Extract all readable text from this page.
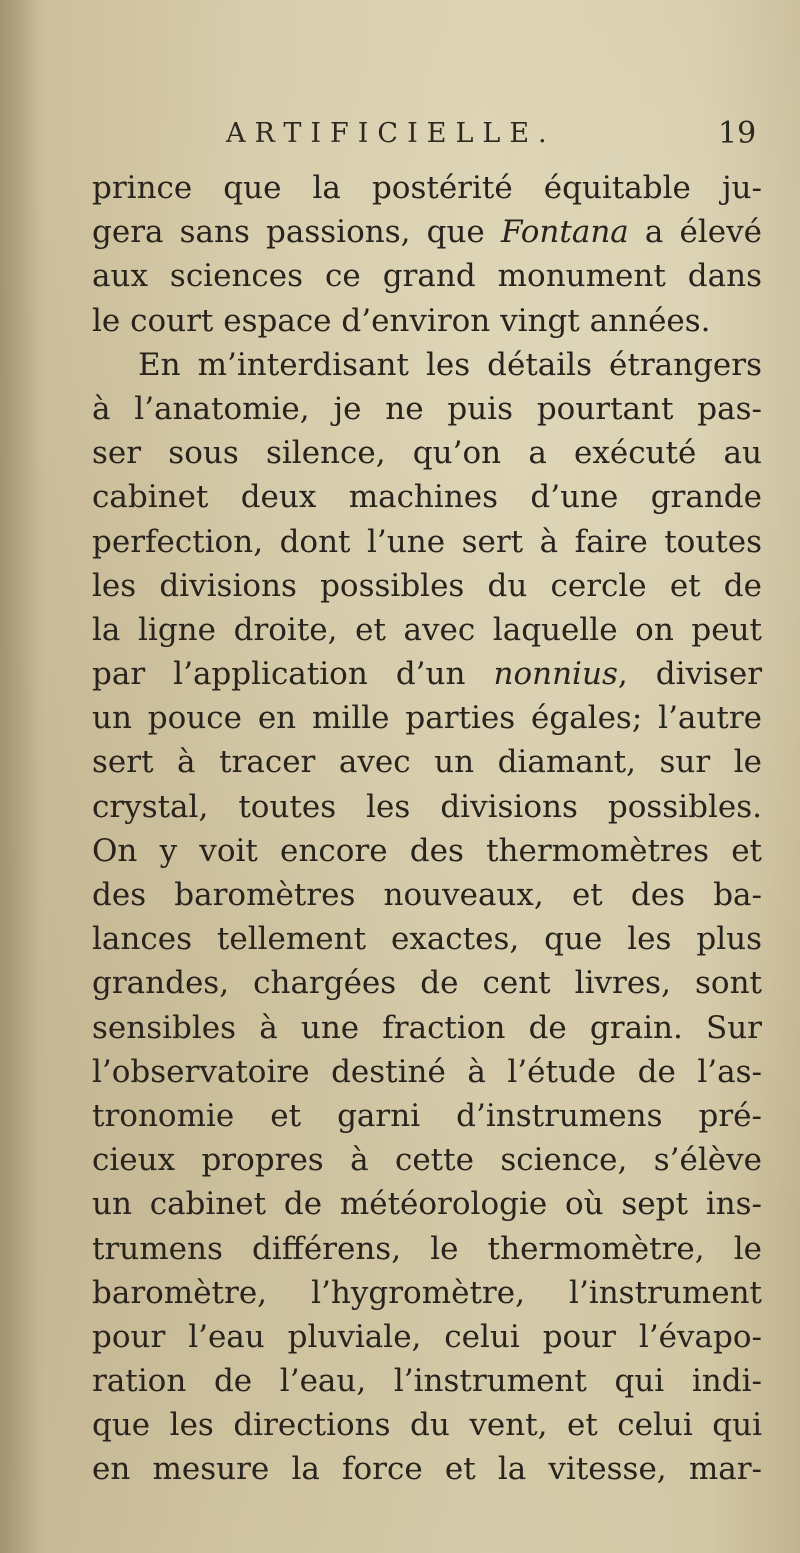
ARTIFICIELLE.	19
prince que la postérité équitable ju-
gera sans passions, que Fontana a élevé
aux sciences ce grand monument dans
le court espace d’environ vingt années.
En m’interdisant les détails étrangers
à l’anatomie, je ne puis pourtant pas-
ser sous silence, qu’on a exécuté au
cabinet deux machines d’une grande
perfection, dont l’une sert à faire toutes
les divisions possibles du cercle et de
la ligne droite, et avec laquelle on peut
par l’application d’un nonnius, diviser
un pouce en mille parties égales; l’autre
sert à tracer avec un diamant, sur le
crystal, toutes les divisions possibles.
On y voit encore des thermomètres et
des baromètres nouveaux, et des ba-
lances tellement exactes, que les plus
grandes, chargées de cent livres, sont
sensibles à une fraction de grain. Sur
l’observatoire destiné à l’étude de l’as-
tronomie et garni d’instrumens pré-
cieux propres à cette science, s’élève
un cabinet de météorologie où sept ins-
trumens différens, le thermomètre, le
baromètre, l’hygromètre, l’instrument
pour l’eau pluviale, celui pour l’évapo-
ration de l’eau, l’instrument qui indi-
que les directions du vent, et celui qui
en mesure la force et la vitesse, mar-
